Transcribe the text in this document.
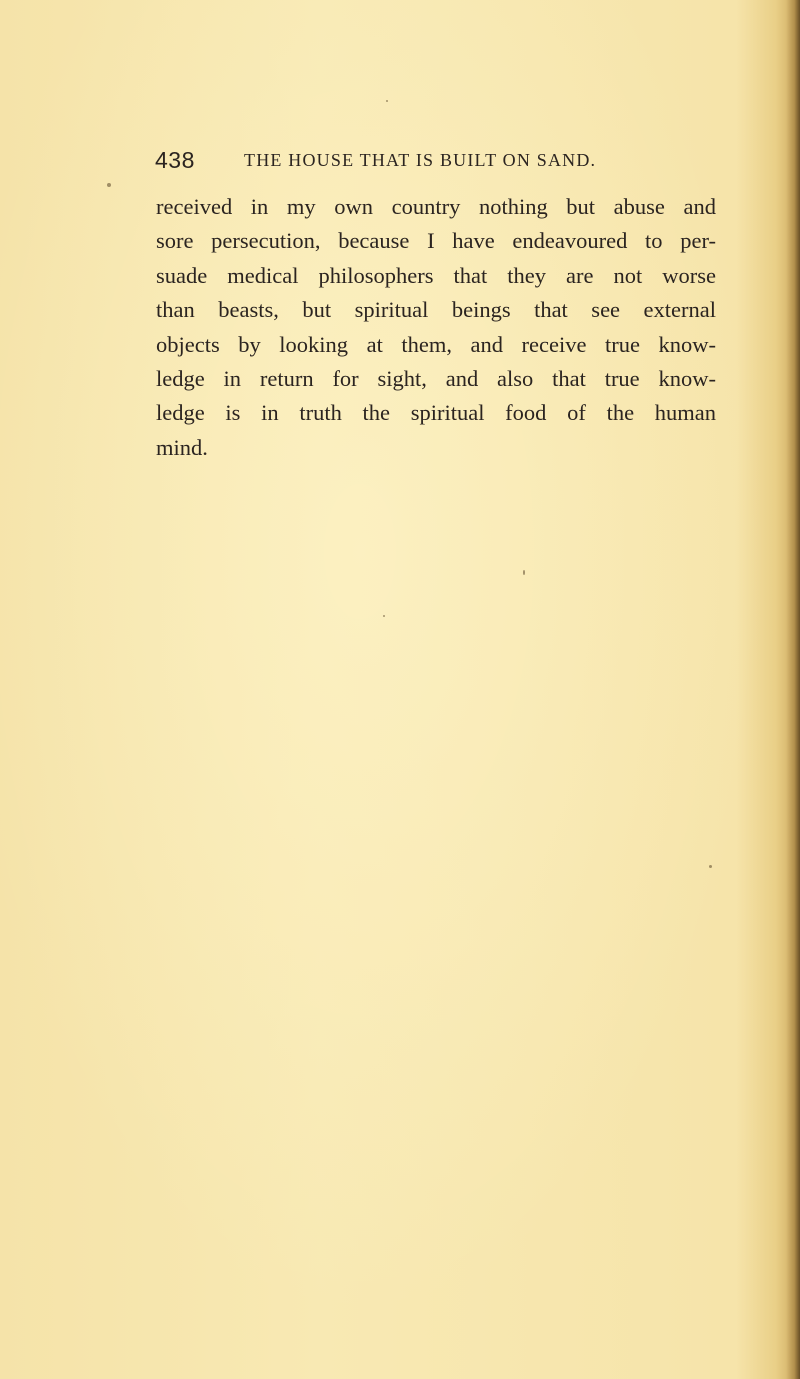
438	THE HOUSE THAT IS BUILT ON SAND.
received in my own country nothing but abuse and
sore persecution, because I have endeavoured to per-
suade medical philosophers that they are not worse
than beasts, but spiritual beings that see external
objects by looking at them, and receive true know-
ledge in return for sight, and also that true know-
ledge is in truth the spiritual food of the human
mind.
